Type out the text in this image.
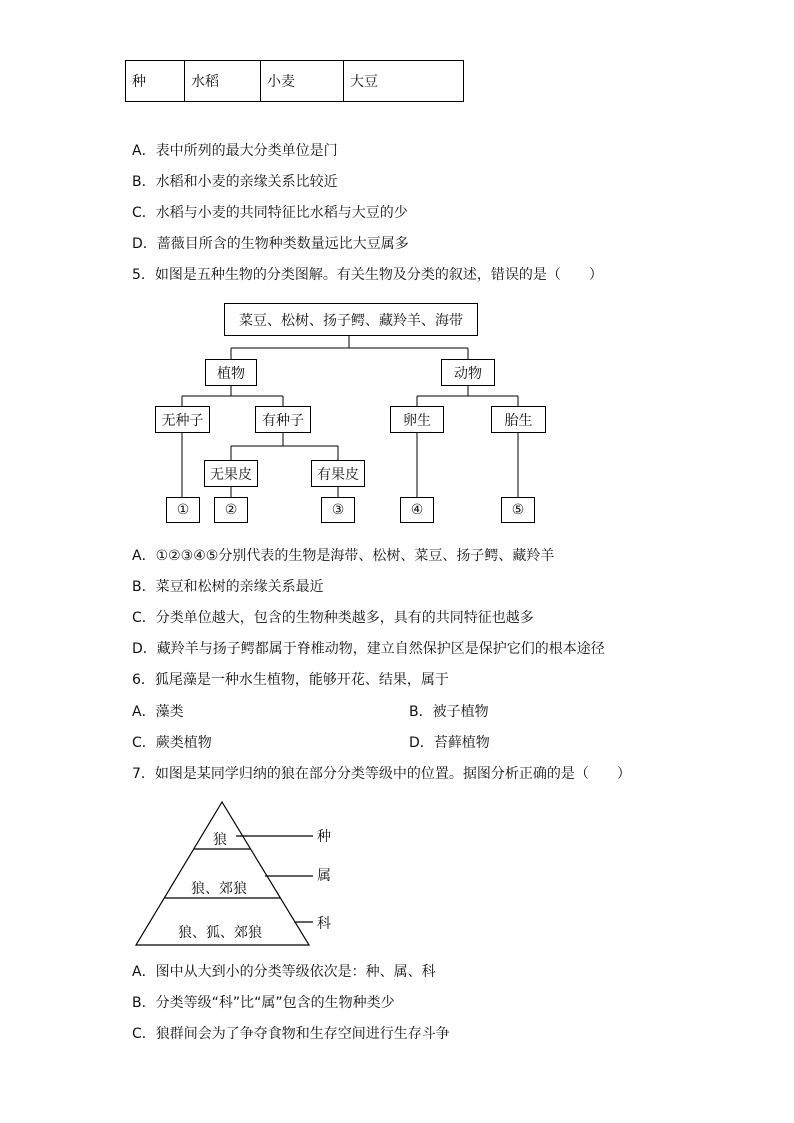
种	水稻	小麦	大豆
A．表中所列的最大分类单位是门
B．水稻和小麦的亲缘关系比较近
C．水稻与小麦的共同特征比水稻与大豆的少
D．蔷薇目所含的生物种类数量远比大豆属多
5．如图是五种生物的分类图解。有关生物及分类的叙述，错误的是（　　）
菜豆、松树、扬子鳄、藏羚羊、海带
植物	动物
无种子	有种子	卵生	胎生
无果皮	有果皮
①	②	③	④	⑤
A．①②③④⑤分别代表的生物是海带、松树、菜豆、扬子鳄、藏羚羊
B．菜豆和松树的亲缘关系最近
C．分类单位越大，包含的生物种类越多，具有的共同特征也越多
D．藏羚羊与扬子鳄都属于脊椎动物，建立自然保护区是保护它们的根本途径
6．狐尾藻是一种水生植物，能够开花、结果，属于
A．藻类	B．被子植物
C．蕨类植物	D．苔藓植物
7．如图是某同学归纳的狼在部分分类等级中的位置。据图分析正确的是（　　）
狼
狼、郊狼
狼、狐、郊狼
种
属
科
A．图中从大到小的分类等级依次是：种、属、科
B．分类等级“科”比“属”包含的生物种类少
C．狼群间会为了争夺食物和生存空间进行生存斗争
